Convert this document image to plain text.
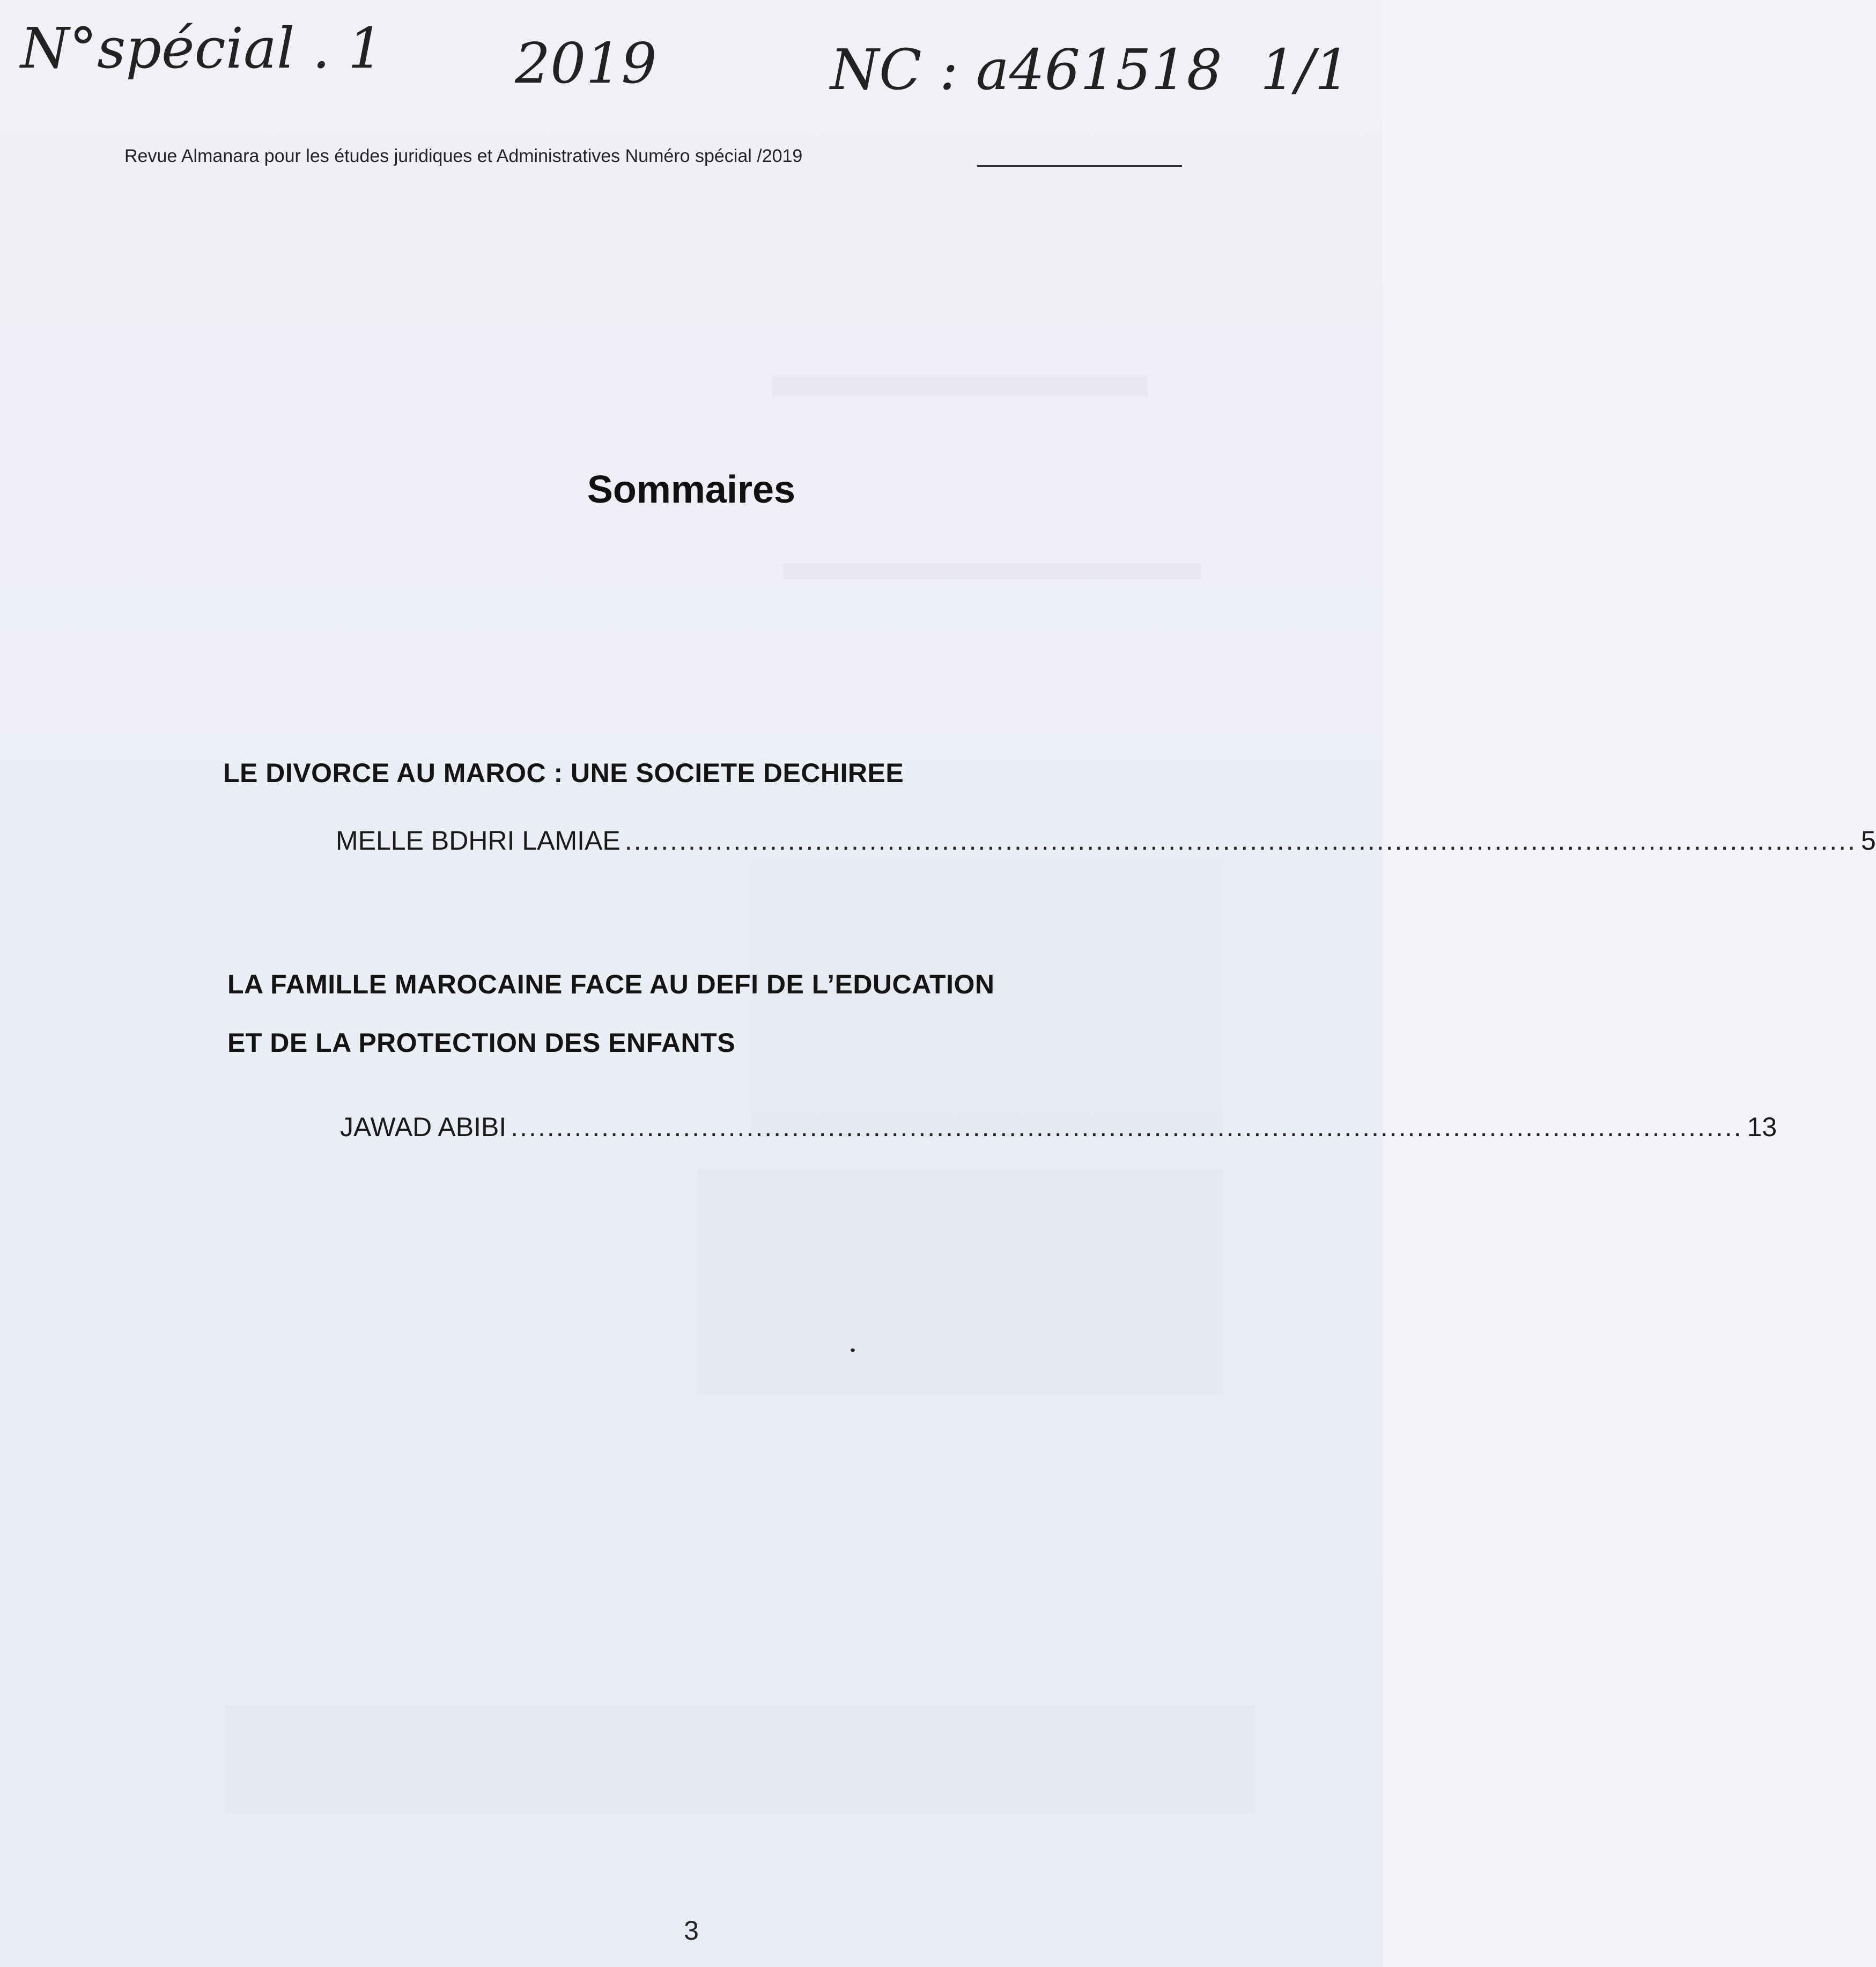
N°spécial . 1 2019	NC : a461518 1/1
Revue Almanara pour les études juridiques et Administratives Numéro spécial /2019
Sommaires
LE DIVORCE AU MAROC : UNE SOCIETE DECHIREE
MELLE BDHRI LAMIAE ........................................................................................................................................ 5
LA FAMILLE MAROCAINE FACE AU DEFI DE L’EDUCATION
ET DE LA PROTECTION DES ENFANTS
JAWAD ABIBI ........................................................................................................................................ 13
3
